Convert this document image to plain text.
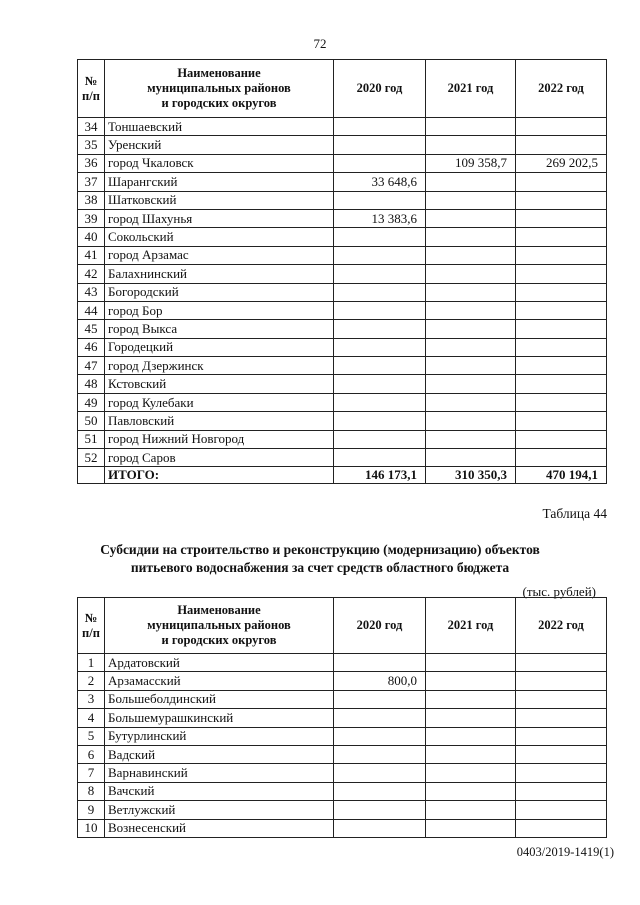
72
№
п/п	Наименование
муниципальных районов
и городских округов	2020 год	2021 год	2022 год
34	Тоншаевский			
35	Уренский			
36	город Чкаловск		109 358,7	269 202,5
37	Шарангский	33 648,6		
38	Шатковский			
39	город Шахунья	13 383,6		
40	Сокольский			
41	город Арзамас			
42	Балахнинский			
43	Богородский			
44	город Бор			
45	город Выкса			
46	Городецкий			
47	город Дзержинск			
48	Кстовский			
49	город Кулебаки			
50	Павловский			
51	город Нижний Новгород			
52	город Саров			
	ИТОГО:	146 173,1	310 350,3	470 194,1
Таблица 44
Субсидии на строительство и реконструкцию (модернизацию) объектов
питьевого водоснабжения за счет средств областного бюджета
(тыс. рублей)
№
п/п	Наименование
муниципальных районов
и городских округов	2020 год	2021 год	2022 год
1	Ардатовский			
2	Арзамасский	800,0		
3	Большеболдинский			
4	Большемурашкинский			
5	Бутурлинский			
6	Вадский			
7	Варнавинский			
8	Вачский			
9	Ветлужский			
10	Вознесенский			
0403/2019-1419(1)
